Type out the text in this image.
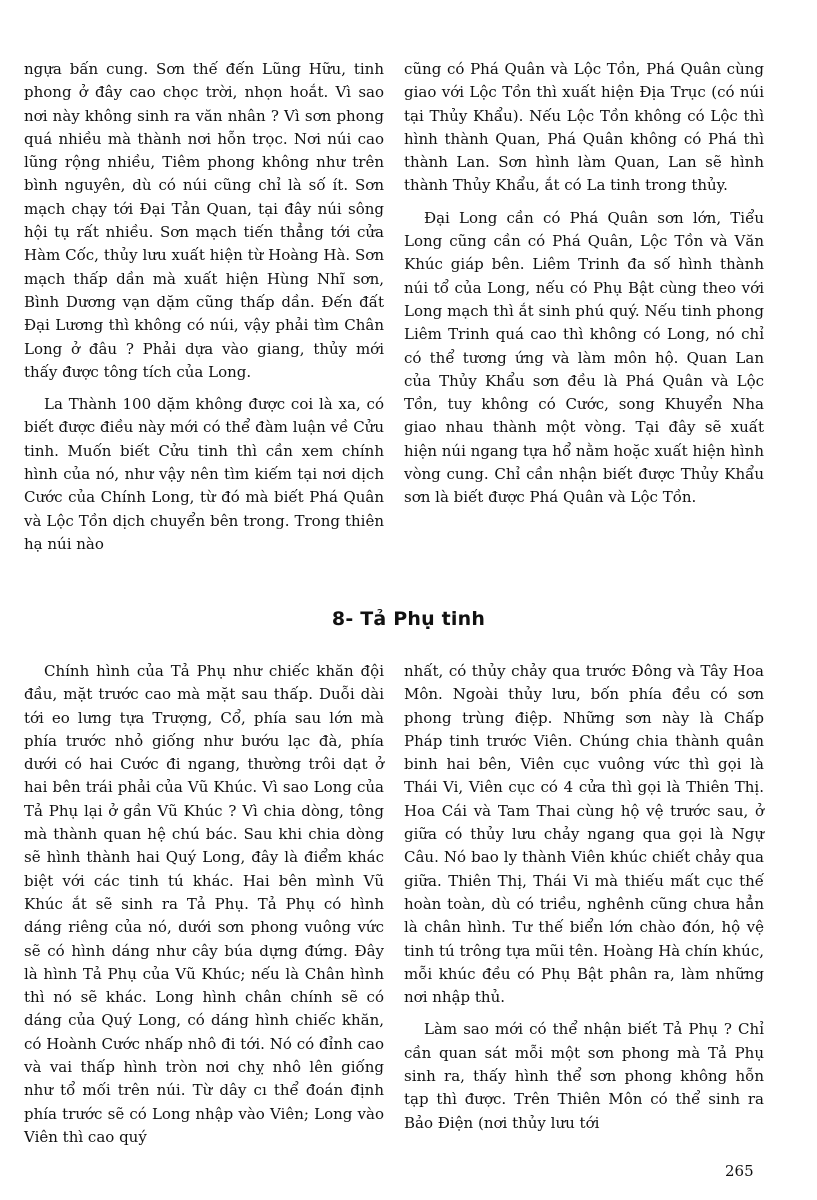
ngựa bấn cung. Sơn thế đến Lũng Hữu, tinh phong ở đây cao chọc trời, nhọn hoắt. Vì sao nơi này không sinh ra văn nhân ? Vì sơn phong quá nhiều mà thành nơi hỗn trọc. Nơi núi cao lũng rộng nhiều, Tiêm phong không như trên bình nguyên, dù có núi cũng chỉ là số ít. Sơn mạch chạy tới Đại Tản Quan, tại đây núi sông hội tụ rất nhiều. Sơn mạch tiến thẳng tới cửa Hàm Cốc, thủy lưu xuất hiện từ Hoàng Hà. Sơn mạch thấp dần mà xuất hiện Hùng Nhĩ sơn, Bình Dương vạn dặm cũng thấp dần. Đến đất Đại Lương thì không có núi, vậy phải tìm Chân Long ở đâu ? Phải dựa vào giang, thủy mới thấy được tông tích của Long.

La Thành 100 dặm không được coi là xa, có biết được điều này mới có thể đàm luận về Cửu tinh. Muốn biết Cửu tinh thì cần xem chính hình của nó, như vậy nên tìm kiếm tại nơi dịch Cước của Chính Long, từ đó mà biết Phá Quân và Lộc Tồn dịch chuyển bên trong. Trong thiên hạ núi nào

cũng có Phá Quân và Lộc Tồn, Phá Quân cùng giao với Lộc Tồn thì xuất hiện Địa Trục (có núi tại Thủy Khẩu). Nếu Lộc Tồn không có Lộc thì hình thành Quan, Phá Quân không có Phá thì thành Lan. Sơn hình làm Quan, Lan sẽ hình thành Thủy Khẩu, ắt có La tinh trong thủy.

Đại Long cần có Phá Quân sơn lớn, Tiểu Long cũng cần có Phá Quân, Lộc Tồn và Văn Khúc giáp bên. Liêm Trinh đa số hình thành núi tổ của Long, nếu có Phụ Bật cùng theo với Long mạch thì ắt sinh phú quý. Nếu tinh phong Liêm Trinh quá cao thì không có Long, nó chỉ có thể tương ứng và làm môn hộ. Quan Lan của Thủy Khẩu sơn đều là Phá Quân và Lộc Tồn, tuy không có Cước, song Khuyển Nha giao nhau thành một vòng. Tại đây sẽ xuất hiện núi ngang tựa hổ nằm hoặc xuất hiện hình vòng cung. Chỉ cần nhận biết được Thủy Khẩu sơn là biết được Phá Quân và Lộc Tồn.

8- Tả Phụ tinh

Chính hình của Tả Phụ như chiếc khăn đội đầu, mặt trước cao mà mặt sau thấp. Duỗi dài tới eo lưng tựa Trượng, Cổ, phía sau lớn mà phía trước nhỏ giống như bướu lạc đà, phía dưới có hai Cước đi ngang, thường trôi dạt ở hai bên trái phải của Vũ Khúc. Vì sao Long của Tả Phụ lại ở gần Vũ Khúc ? Vì chia dòng, tông mà thành quan hệ chú bác. Sau khi chia dòng sẽ hình thành hai Quý Long, đây là điểm khác biệt với các tinh tú khác. Hai bên mình Vũ Khúc ắt sẽ sinh ra Tả Phụ. Tả Phụ có hình dáng riêng của nó, dưới sơn phong vuông vức sẽ có hình dáng như cây búa dựng đứng. Đây là hình Tả Phụ của Vũ Khúc; nếu là Chân hình thì nó sẽ khác. Long hình chân chính sẽ có dáng của Quý Long, có dáng hình chiếc khăn, có Hoành Cước nhấp nhô đi tới. Nó có đỉnh cao và vai thấp hình tròn nơi chỵ nhô lên giống như tổ mối trên núi. Từ dây cı thể đoán định phía trước sẽ có Long nhập vào Viên; Long vào Viên thì cao quý

nhất, có thủy chảy qua trước Đông và Tây Hoa Môn. Ngoài thủy lưu, bốn phía đều có sơn phong trùng điệp. Những sơn này là Chấp Pháp tinh trước Viên. Chúng chia thành quân binh hai bên, Viên cục vuông vức thì gọi là Thái Vi, Viên cục có 4 cửa thì gọi là Thiên Thị. Hoa Cái và Tam Thai cùng hộ vệ trước sau, ở giữa có thủy lưu chảy ngang qua gọi là Ngự Câu. Nó bao ly thành Viên khúc chiết chảy qua giữa. Thiên Thị, Thái Vi mà thiếu mất cục thế hoàn toàn, dù có triều, nghênh cũng chưa hẳn là chân hình. Tư thế biển lớn chào đón, hộ vệ tinh tú trông tựa mũi tên. Hoàng Hà chín khúc, mỗi khúc đều có Phụ Bật phân ra, làm những nơi nhập thủ.

Làm sao mới có thể nhận biết Tả Phụ ? Chỉ cần quan sát mỗi một sơn phong mà Tả Phụ sinh ra, thấy hình thể sơn phong không hỗn tạp thì được. Trên Thiên Môn có thể sinh ra Bảo Điện (nơi thủy lưu tới

265
